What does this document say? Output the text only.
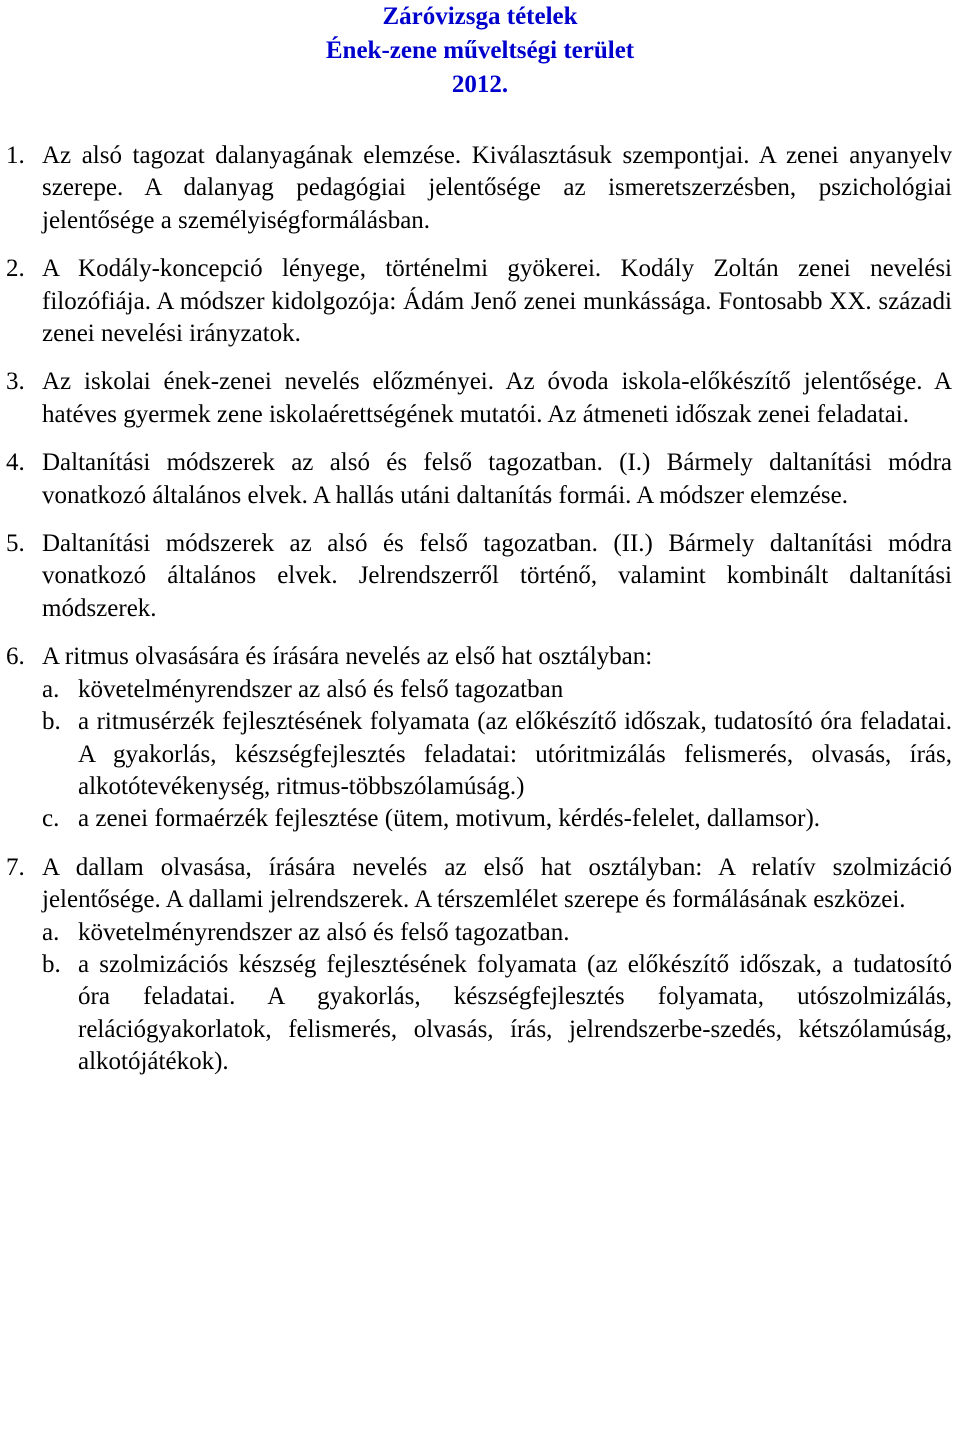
Záróvizsga tételek
Ének-zene műveltségi terület
2012.
1. Az alsó tagozat dalanyagának elemzése. Kiválasztásuk szempontjai. A zenei anyanyelv szerepe. A dalanyag pedagógiai jelentősége az ismeretszerzésben, pszichológiai jelentősége a személyiségformálásban.
2. A Kodály-koncepció lényege, történelmi gyökerei. Kodály Zoltán zenei nevelési filozófiája. A módszer kidolgozója: Ádám Jenő zenei munkássága. Fontosabb XX. századi zenei nevelési irányzatok.
3. Az iskolai ének-zenei nevelés előzményei. Az óvoda iskola-előkészítő jelentősége. A hatéves gyermek zene iskolaérettségének mutatói. Az átmeneti időszak zenei feladatai.
4. Daltanítási módszerek az alsó és felső tagozatban. (I.) Bármely daltanítási módra vonatkozó általános elvek. A hallás utáni daltanítás formái. A módszer elemzése.
5. Daltanítási módszerek az alsó és felső tagozatban. (II.) Bármely daltanítási módra vonatkozó általános elvek. Jelrendszerről történő, valamint kombinált daltanítási módszerek.
6. A ritmus olvasására és írására nevelés az első hat osztályban:
a. követelményrendszer az alsó és felső tagozatban
b. a ritmusérzék fejlesztésének folyamata (az előkészítő időszak, tudatosító óra feladatai. A gyakorlás, készségfejlesztés feladatai: utóritmizálás felismerés, olvasás, írás, alkotótevékenység, ritmus-többszólamúság.)
c. a zenei formaérzék fejlesztése (ütem, motivum, kérdés-felelet, dallamsor).
7. A dallam olvasása, írására nevelés az első hat osztályban: A relatív szolmizáció jelentősége. A dallami jelrendszerek. A térszemlélet szerepe és formálásának eszközei.
a. követelményrendszer az alsó és felső tagozatban.
b. a szolmizációs készség fejlesztésének folyamata (az előkészítő időszak, a tudatosító óra feladatai. A gyakorlás, készségfejlesztés folyamata, utószolmizálás, relációgyakorlatok, felismerés, olvasás, írás, jelrendszerbe-szedés, kétszólamúság, alkotójátékok).
